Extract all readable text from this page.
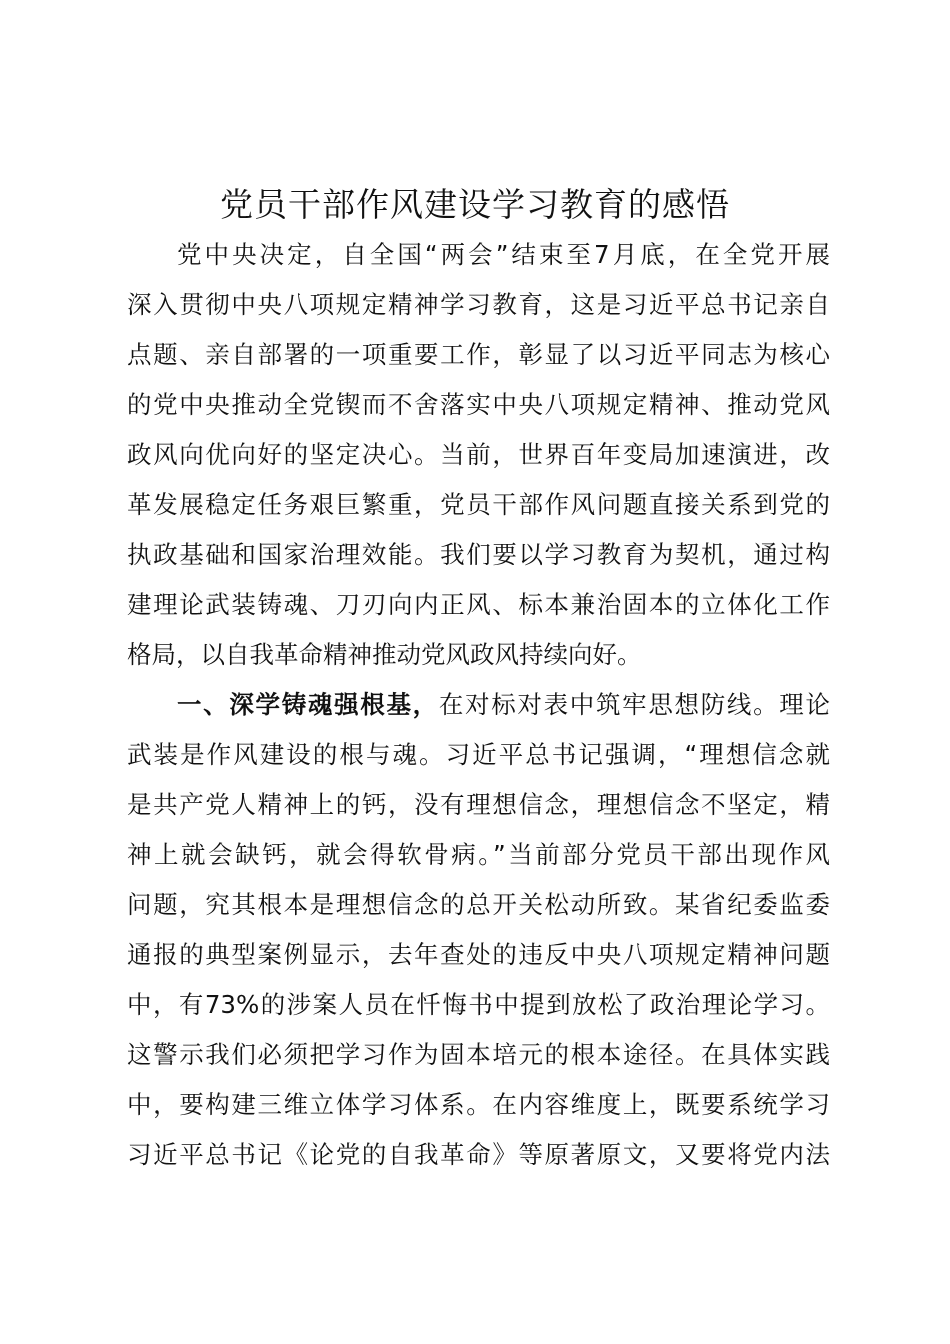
党员干部作风建设学习教育的感悟
党中央决定，自全国“两会”结束至7月底，在全党开展
深入贯彻中央八项规定精神学习教育，这是习近平总书记亲自
点题、亲自部署的一项重要工作，彰显了以习近平同志为核心
的党中央推动全党锲而不舍落实中央八项规定精神、推动党风
政风向优向好的坚定决心。当前，世界百年变局加速演进，改
革发展稳定任务艰巨繁重，党员干部作风问题直接关系到党的
执政基础和国家治理效能。我们要以学习教育为契机，通过构
建理论武装铸魂、刀刃向内正风、标本兼治固本的立体化工作
格局，以自我革命精神推动党风政风持续向好。
一、深学铸魂强根基，在对标对表中筑牢思想防线。理论
武装是作风建设的根与魂。习近平总书记强调，“理想信念就
是共产党人精神上的钙，没有理想信念，理想信念不坚定，精
神上就会缺钙，就会得软骨病。”当前部分党员干部出现作风
问题，究其根本是理想信念的总开关松动所致。某省纪委监委
通报的典型案例显示，去年查处的违反中央八项规定精神问题
中，有73%的涉案人员在忏悔书中提到放松了政治理论学习。
这警示我们必须把学习作为固本培元的根本途径。在具体实践
中，要构建三维立体学习体系。在内容维度上，既要系统学习
习近平总书记《论党的自我革命》等原著原文，又要将党内法
